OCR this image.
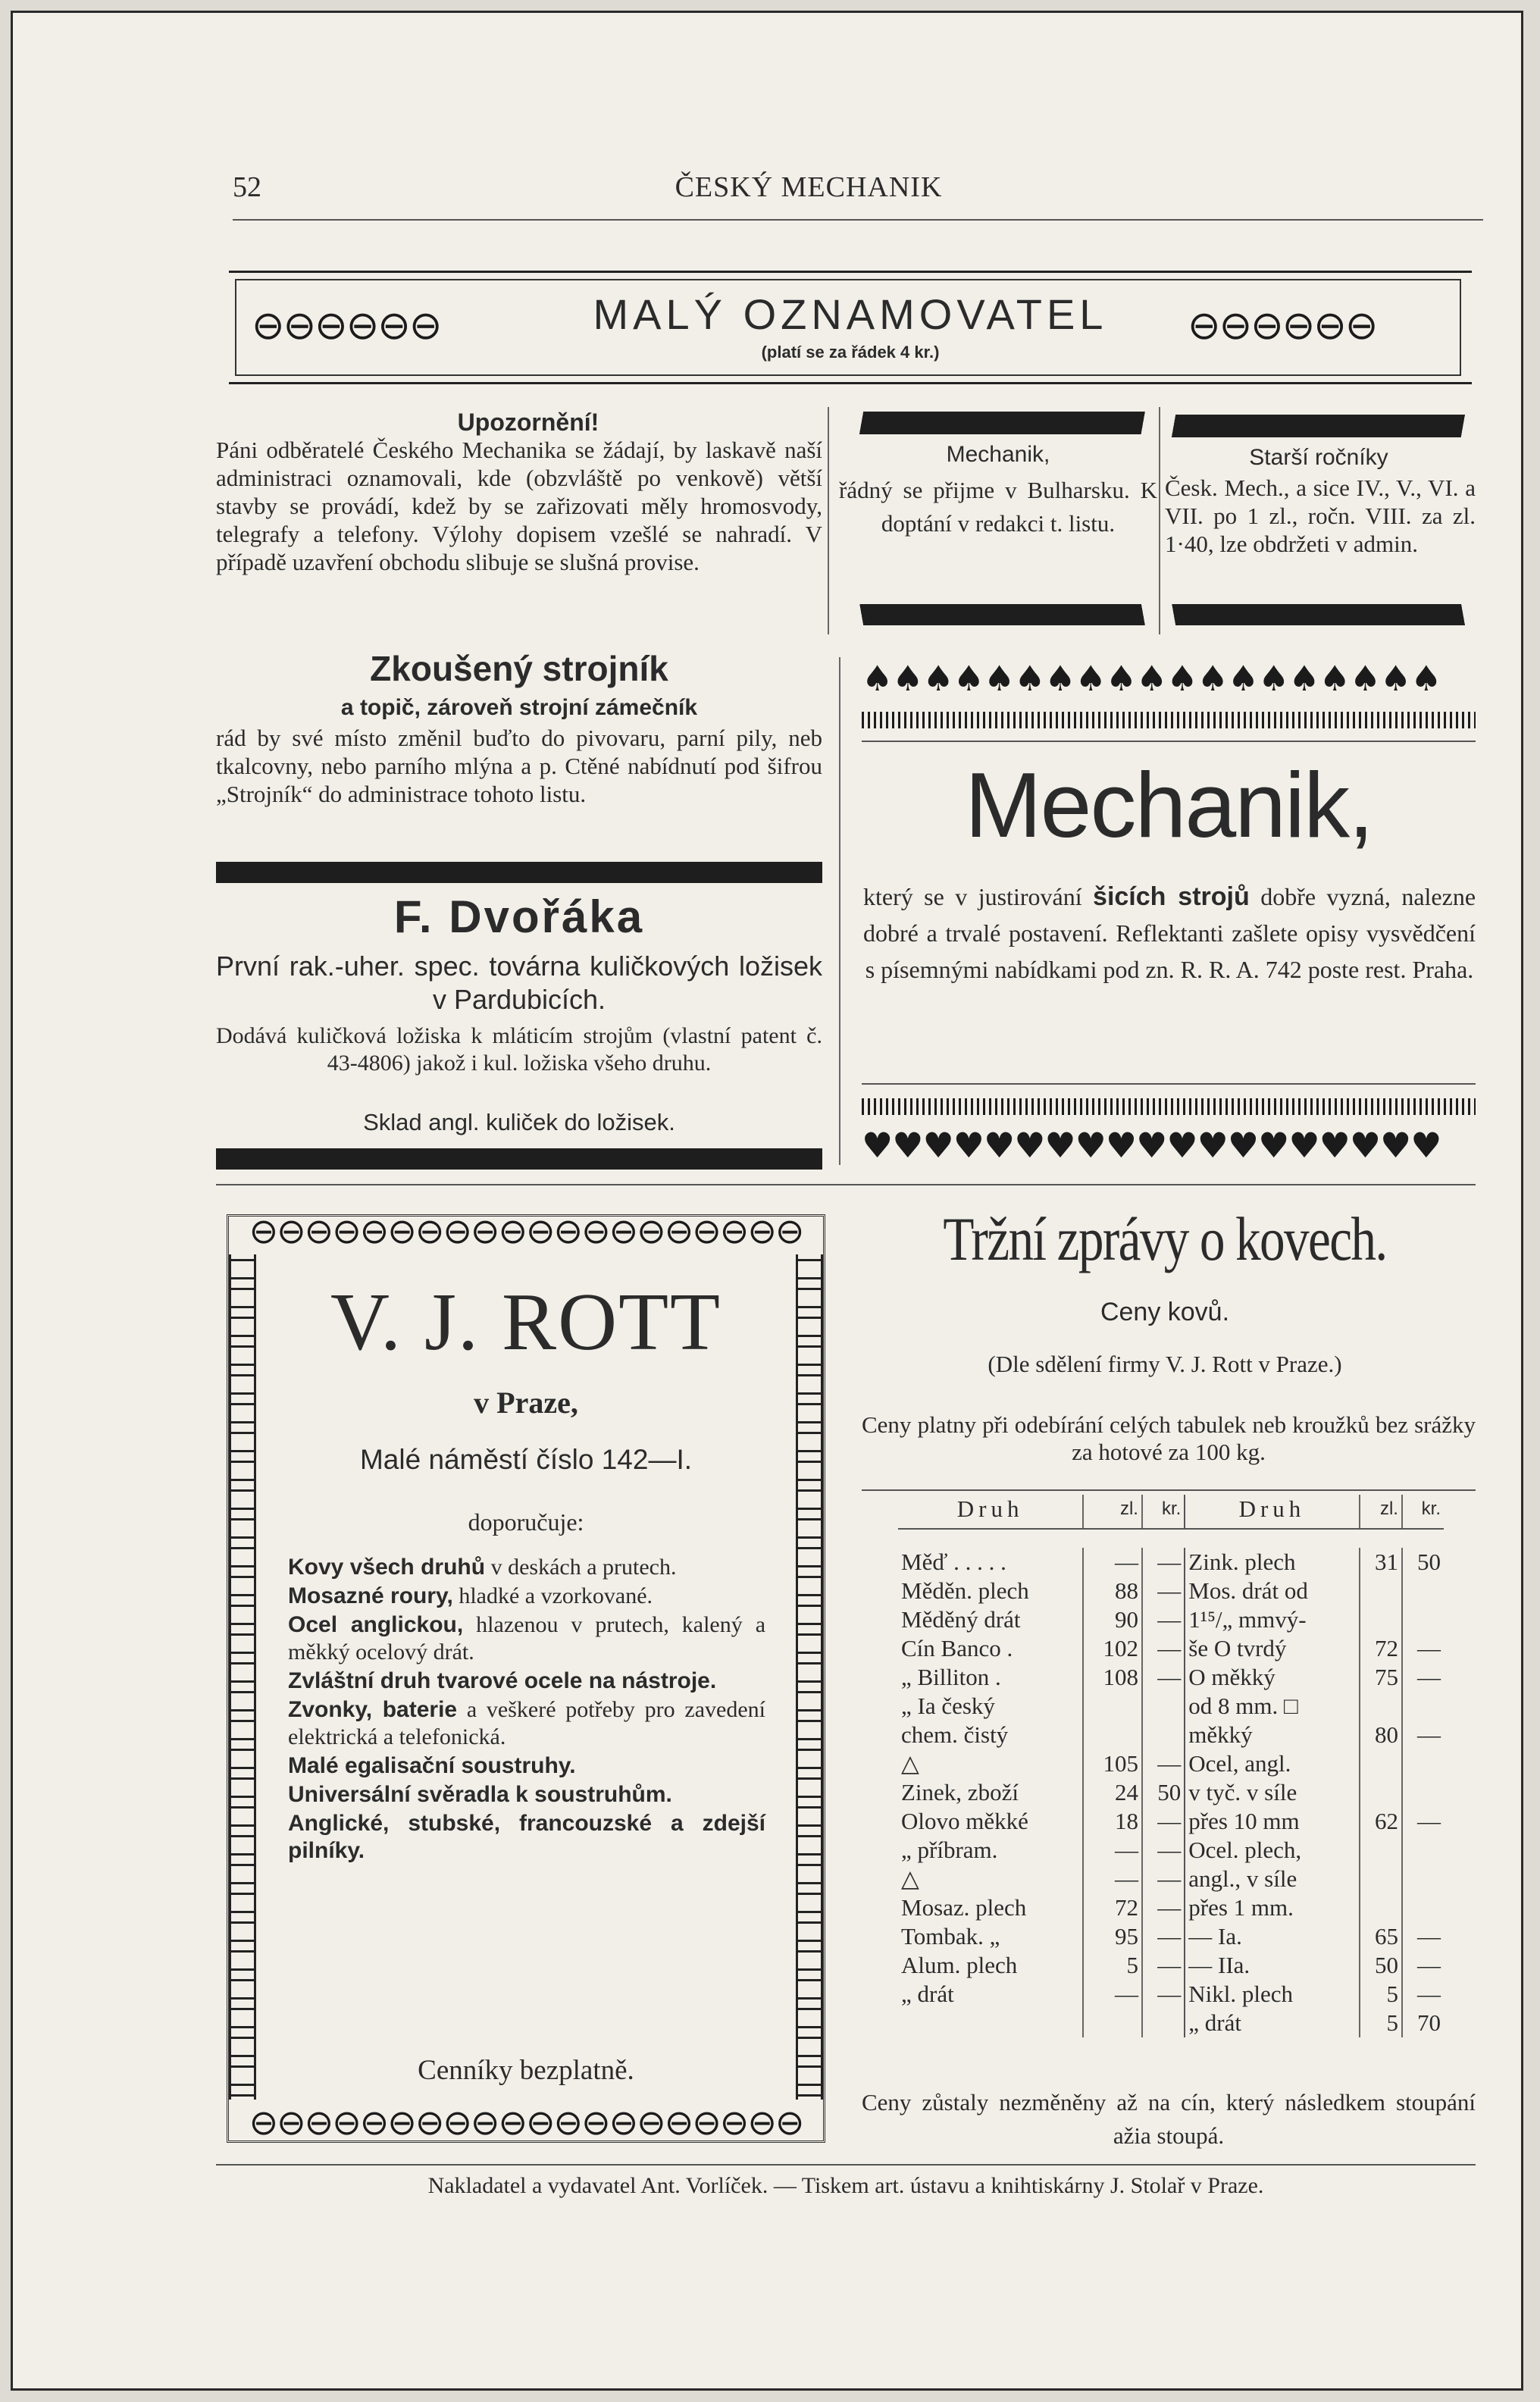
52	ČESKÝ MECHANIK
⊖⊖⊖⊖⊖⊖	⊖⊖⊖⊖⊖⊖
MALÝ OZNAMOVATEL
(platí se za řádek 4 kr.)
Upozornění!
Páni odběratelé Českého Mechanika se žádají, by laskavě naší administraci oznamovali, kde (obzvláště po venkově) větší stavby se provádí, kdež by se zařizovati měly hromosvody, telegrafy a telefony. Výlohy dopisem vzešlé se nahradí. V případě uzavření obchodu slibuje se slušná provise.
Mechanik,
řádný se přijme v Bulharsku. K doptání v redakci t. listu.
Starší ročníky
Česk. Mech., a sice IV., V., VI. a VII. po 1 zl., ročn. VIII. za zl. 1·40, lze obdržeti v admin.
Zkoušený strojník
a topič, zároveň strojní zámečník
rád by své místo změnil buďto do pivovaru, parní pily, neb tkalcovny, nebo parního mlýna a p. Ctěné nabídnutí pod šifrou „Strojník“ do administrace tohoto listu.
F. Dvořáka
První rak.-uher. spec. továrna kuličkových ložisek v Pardubicích.
Dodává kuličková ložiska k mláticím strojům (vlastní patent č. 43-4806) jakož i kul. ložiska všeho druhu.
Sklad angl. kuliček do ložisek.
♠♠♠♠♠♠♠♠♠♠♠♠♠♠♠♠♠♠♠
Mechanik,
který se v justirování šicích strojů dobře vyzná, nalezne dobré a trvalé postavení. Reflektanti zašlete opisy vysvědčení s písemnými nabídkami pod zn. R. R. A. 742 poste rest. Praha.
♥♥♥♥♥♥♥♥♥♥♥♥♥♥♥♥♥♥♥
⊖⊖⊖⊖⊖⊖⊖⊖⊖⊖⊖⊖⊖⊖⊖⊖⊖⊖⊖⊖
⊖⊖⊖⊖⊖⊖⊖⊖⊖⊖⊖⊖⊖⊖⊖⊖⊖⊖⊖⊖
V. J. ROTT
v Praze,
Malé náměstí číslo 142—I.
doporučuje:
Kovy všech druhů v deskách a prutech.
Mosazné roury, hladké a vzorkované.
Ocel anglickou, hlazenou v prutech, kalený a měkký ocelový drát.
Zvláštní druh tvarové ocele na nástroje.
Zvonky, baterie a veškeré potřeby pro zavedení elektrická a telefonická.
Malé egalisační soustruhy.
Universální svěradla k soustruhům.
Anglické, stubské, francouzské a zdejší pilníky.
Cenníky bezplatně.
Tržní zprávy o kovech.
Ceny kovů.
(Dle sdělení firmy V. J. Rott v Praze.)
Ceny platny při odebírání celých tabulek neb kroužků bez srážky za hotové za 100 kg.
Druh	zl.	kr.	Druh	zl.	kr.

Měď . . . . .	—	—	Zink. plech	31	50
Měděn. plech	88	—	Mos. drát od		
Měděný drát	90	—	1¹⁵/„ mmvý-		
Cín Banco .	102	—	še O tvrdý	72	—
„ Billiton .	108	—	O měkký	75	—
„ Ia český			od 8 mm. □		
chem. čistý			měkký	80	—
△	105	—	Ocel, angl.		
Zinek, zboží	24	50	v tyč. v síle		
Olovo měkké	18	—	přes 10 mm	62	—
„ příbram.	—	—	Ocel. plech,		
△	—	—	angl., v síle		
Mosaz. plech	72	—	přes 1 mm.		
Tombak. „	95	—	— Ia.	65	—
Alum. plech	5	—	— IIa.	50	—
„ drát	—	—	Nikl. plech	5	—
			„ drát	5	70
Ceny zůstaly nezměněny až na cín, který následkem stoupání ažia stoupá.
Nakladatel a vydavatel Ant. Vorlíček. — Tiskem art. ústavu a knihtiskárny J. Stolař v Praze.
